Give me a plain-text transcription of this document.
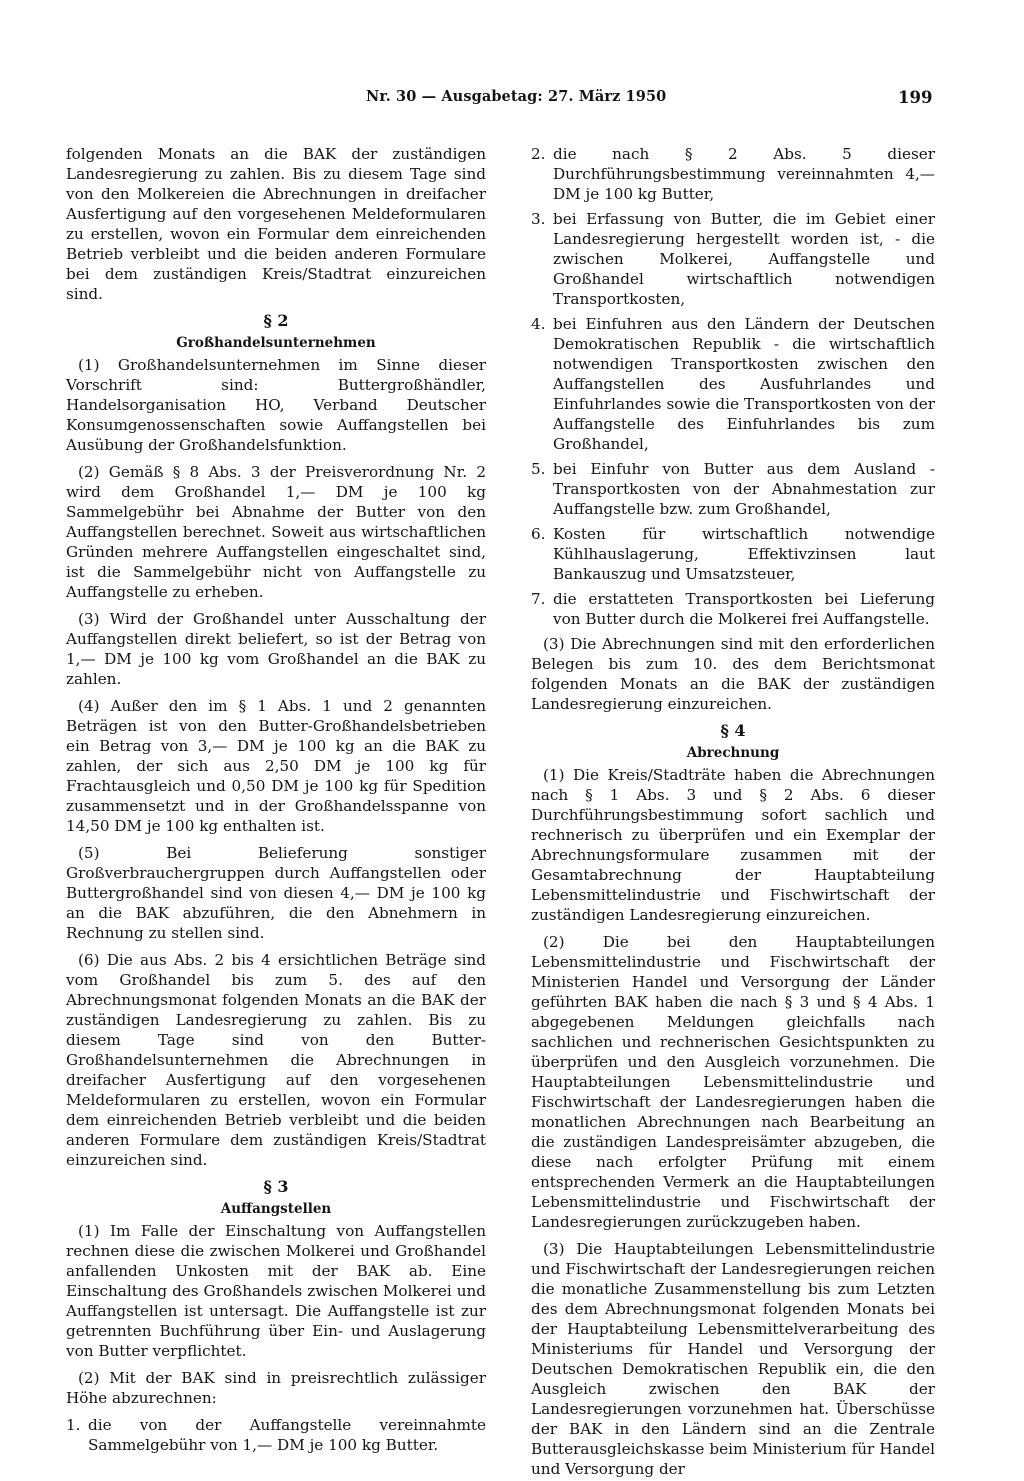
Nr. 30 — Ausgabetag: 27. März 1950	199

folgenden Monats an die BAK der zuständigen Landesregierung zu zahlen. Bis zu diesem Tage sind von den Molkereien die Abrechnungen in dreifacher Ausfertigung auf den vorgesehenen Meldeformularen zu erstellen, wovon ein Formular dem einreichenden Betrieb verbleibt und die beiden anderen Formulare bei dem zuständigen Kreis/Stadtrat einzureichen sind.

§ 2
Großhandelsunternehmen

(1) Großhandelsunternehmen im Sinne dieser Vorschrift sind: Buttergroßhändler, Handelsorganisation HO, Verband Deutscher Konsumgenossenschaften sowie Auffangstellen bei Ausübung der Großhandelsfunktion.

(2) Gemäß § 8 Abs. 3 der Preisverordnung Nr. 2 wird dem Großhandel 1,— DM je 100 kg Sammelgebühr bei Abnahme der Butter von den Auffangstellen berechnet. Soweit aus wirtschaftlichen Gründen mehrere Auffangstellen eingeschaltet sind, ist die Sammelgebühr nicht von Auffangstelle zu Auffangstelle zu erheben.

(3) Wird der Großhandel unter Ausschaltung der Auffangstellen direkt beliefert, so ist der Betrag von 1,— DM je 100 kg vom Großhandel an die BAK zu zahlen.

(4) Außer den im § 1 Abs. 1 und 2 genannten Beträgen ist von den Butter-Großhandelsbetrieben ein Betrag von 3,— DM je 100 kg an die BAK zu zahlen, der sich aus 2,50 DM je 100 kg für Frachtausgleich und 0,50 DM je 100 kg für Spedition zusammensetzt und in der Großhandelsspanne von 14,50 DM je 100 kg enthalten ist.

(5) Bei Belieferung sonstiger Großverbrauchergruppen durch Auffangstellen oder Buttergroßhandel sind von diesen 4,— DM je 100 kg an die BAK abzuführen, die den Abnehmern in Rechnung zu stellen sind.

(6) Die aus Abs. 2 bis 4 ersichtlichen Beträge sind vom Großhandel bis zum 5. des auf den Abrechnungsmonat folgenden Monats an die BAK der zuständigen Landesregierung zu zahlen. Bis zu diesem Tage sind von den Butter-Großhandelsunternehmen die Abrechnungen in dreifacher Ausfertigung auf den vorgesehenen Meldeformularen zu erstellen, wovon ein Formular dem einreichenden Betrieb verbleibt und die beiden anderen Formulare dem zuständigen Kreis/Stadtrat einzureichen sind.

§ 3
Auffangstellen

(1) Im Falle der Einschaltung von Auffangstellen rechnen diese die zwischen Molkerei und Großhandel anfallenden Unkosten mit der BAK ab. Eine Einschaltung des Großhandels zwischen Molkerei und Auffangstellen ist untersagt. Die Auffangstelle ist zur getrennten Buchführung über Ein- und Auslagerung von Butter verpflichtet.

(2) Mit der BAK sind in preisrechtlich zulässiger Höhe abzurechnen:

1. die von der Auffangstelle vereinnahmte Sammelgebühr von 1,— DM je 100 kg Butter.
2. die nach § 2 Abs. 5 dieser Durchführungsbestimmung vereinnahmten 4,— DM je 100 kg Butter,
3. bei Erfassung von Butter, die im Gebiet einer Landesregierung hergestellt worden ist, - die zwischen Molkerei, Auffangstelle und Großhandel wirtschaftlich notwendigen Transportkosten,
4. bei Einfuhren aus den Ländern der Deutschen Demokratischen Republik - die wirtschaftlich notwendigen Transportkosten zwischen den Auffangstellen des Ausfuhrlandes und Einfuhrlandes sowie die Transportkosten von der Auffangstelle des Einfuhrlandes bis zum Großhandel,
5. bei Einfuhr von Butter aus dem Ausland - Transportkosten von der Abnahmestation zur Auffangstelle bzw. zum Großhandel,
6. Kosten für wirtschaftlich notwendige Kühlhauslagerung, Effektivzinsen laut Bankauszug und Umsatzsteuer,
7. die erstatteten Transportkosten bei Lieferung von Butter durch die Molkerei frei Auffangstelle.

(3) Die Abrechnungen sind mit den erforderlichen Belegen bis zum 10. des dem Berichtsmonat folgenden Monats an die BAK der zuständigen Landesregierung einzureichen.

§ 4
Abrechnung

(1) Die Kreis/Stadträte haben die Abrechnungen nach § 1 Abs. 3 und § 2 Abs. 6 dieser Durchführungsbestimmung sofort sachlich und rechnerisch zu überprüfen und ein Exemplar der Abrechnungsformulare zusammen mit der Gesamtabrechnung der Hauptabteilung Lebensmittelindustrie und Fischwirtschaft der zuständigen Landesregierung einzureichen.

(2) Die bei den Hauptabteilungen Lebensmittelindustrie und Fischwirtschaft der Ministerien Handel und Versorgung der Länder geführten BAK haben die nach § 3 und § 4 Abs. 1 abgegebenen Meldungen gleichfalls nach sachlichen und rechnerischen Gesichtspunkten zu überprüfen und den Ausgleich vorzunehmen. Die Hauptabteilungen Lebensmittelindustrie und Fischwirtschaft der Landesregierungen haben die monatlichen Abrechnungen nach Bearbeitung an die zuständigen Landespreisämter abzugeben, die diese nach erfolgter Prüfung mit einem entsprechenden Vermerk an die Hauptabteilungen Lebensmittelindustrie und Fischwirtschaft der Landesregierungen zurückzugeben haben.

(3) Die Hauptabteilungen Lebensmittelindustrie und Fischwirtschaft der Landesregierungen reichen die monatliche Zusammenstellung bis zum Letzten des dem Abrechnungsmonat folgenden Monats bei der Hauptabteilung Lebensmittelverarbeitung des Ministeriums für Handel und Versorgung der Deutschen Demokratischen Republik ein, die den Ausgleich zwischen den BAK der Landesregierungen vorzunehmen hat. Überschüsse der BAK in den Ländern sind an die Zentrale Butterausgleichskasse beim Ministerium für Handel und Versorgung der
